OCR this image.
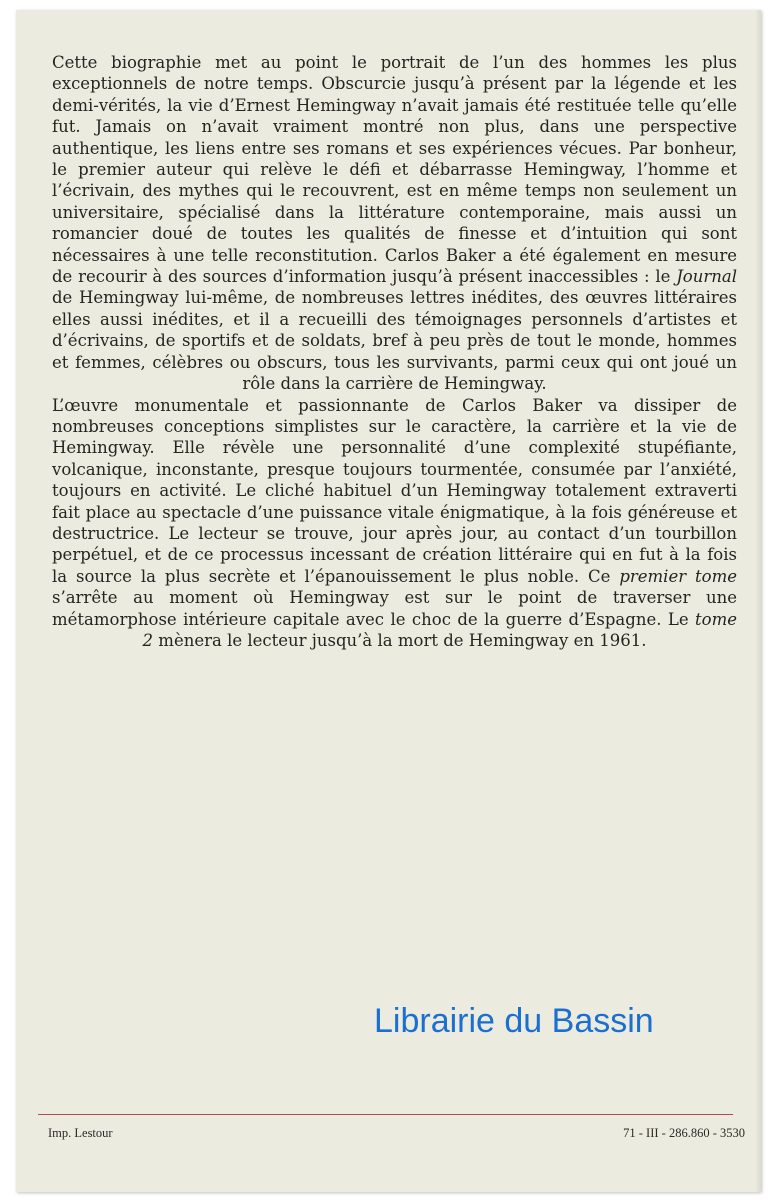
Cette biographie met au point le portrait de l’un des hommes les plus exceptionnels de notre temps. Obscurcie jusqu’à présent par la légende et les demi-vérités, la vie d’Ernest Hemingway n’avait jamais été restituée telle qu’elle fut. Jamais on n’avait vraiment montré non plus, dans une perspective authentique, les liens entre ses romans et ses expériences vécues. Par bonheur, le premier auteur qui relève le défi et débarrasse Hemingway, l’homme et l’écrivain, des mythes qui le recouvrent, est en même temps non seulement un universitaire, spécialisé dans la littérature contemporaine, mais aussi un romancier doué de toutes les qualités de finesse et d’intuition qui sont nécessaires à une telle reconstitution. Carlos Baker a été également en mesure de recourir à des sources d’information jusqu’à présent inaccessibles : le Journal de Hemingway lui-même, de nombreuses lettres inédites, des œuvres littéraires elles aussi inédites, et il a recueilli des témoignages personnels d’artistes et d’écrivains, de sportifs et de soldats, bref à peu près de tout le monde, hommes et femmes, célèbres ou obscurs, tous les survivants, parmi ceux qui ont joué un rôle dans la carrière de Hemingway.

L’œuvre monumentale et passionnante de Carlos Baker va dissiper de nombreuses conceptions simplistes sur le caractère, la carrière et la vie de Hemingway. Elle révèle une personnalité d’une complexité stupéfiante, volcanique, inconstante, presque toujours tourmentée, consumée par l’anxiété, toujours en activité. Le cliché habituel d’un Hemingway totalement extraverti fait place au spectacle d’une puissance vitale énigmatique, à la fois généreuse et destructrice. Le lecteur se trouve, jour après jour, au contact d’un tourbillon perpétuel, et de ce processus incessant de création littéraire qui en fut à la fois la source la plus secrète et l’épanouissement le plus noble. Ce premier tome s’arrête au moment où Hemingway est sur le point de traverser une métamorphose intérieure capitale avec le choc de la guerre d’Espagne. Le tome 2 mènera le lecteur jusqu’à la mort de Hemingway en 1961.

Librairie du Bassin
Imp. Lestour	71 - III - 286.860 - 3530
